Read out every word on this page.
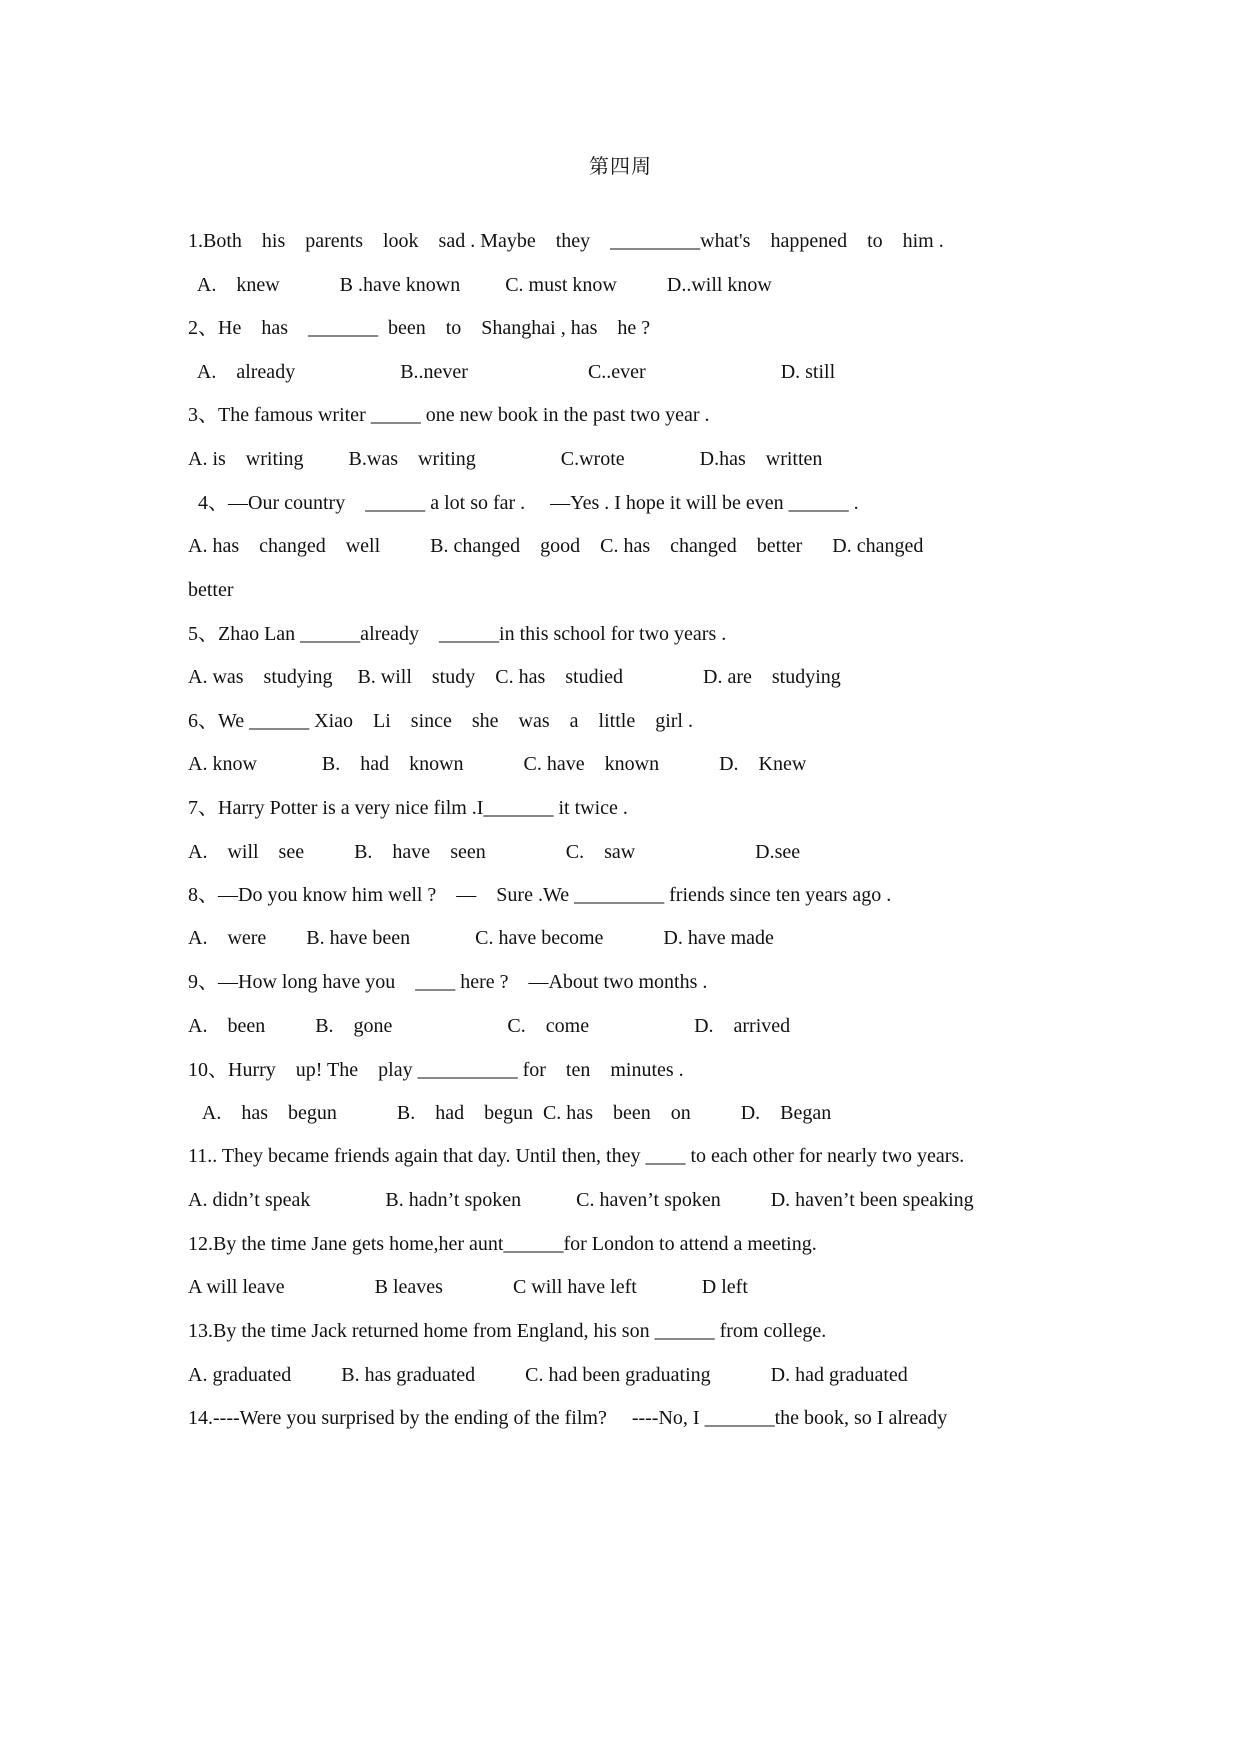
第四周
1.Both    his    parents    look    sad . Maybe    they    _________what's    happened    to    him .
A.    knew            B .have known         C. must know          D..will know
2、He    has    _______  been    to    Shanghai , has    he ?
A.    already                     B..never                        C..ever                           D. still
3、The famous writer _____ one new book in the past two year .
A. is    writing         B.was    writing                 C.wrote               D.has    written
4、—Our country    ______ a lot so far .     —Yes . I hope it will be even ______ .
A. has    changed    well          B. changed    good    C. has    changed    better      D. changed
better
5、Zhao Lan ______already    ______in this school for two years .
A. was    studying     B. will    study    C. has    studied                D. are    studying
6、We ______ Xiao    Li    since    she    was    a    little    girl .
A. know             B.    had    known            C. have    known            D.    Knew
7、Harry Potter is a very nice film .I_______ it twice .
A.    will    see          B.    have    seen                C.    saw                        D.see
8、—Do you know him well ?    —    Sure .We _________ friends since ten years ago .
A.    were        B. have been             C. have become            D. have made
9、—How long have you    ____ here ?    —About two months .
A.    been          B.    gone                       C.    come                     D.    arrived
10、Hurry    up! The    play __________ for    ten    minutes .
A.    has    begun            B.    had    begun  C. has    been    on          D.    Began
11.. They became friends again that day. Until then, they ____ to each other for nearly two years.
A. didn’t speak               B. hadn’t spoken           C. haven’t spoken          D. haven’t been speaking
12.By the time Jane gets home,her aunt______for London to attend a meeting.
A will leave                  B leaves              C will have left             D left
13.By the time Jack returned home from England, his son ______ from college.
A. graduated          B. has graduated          C. had been graduating            D. had graduated
14.----Were you surprised by the ending of the film?     ----No, I _______the book, so I already
